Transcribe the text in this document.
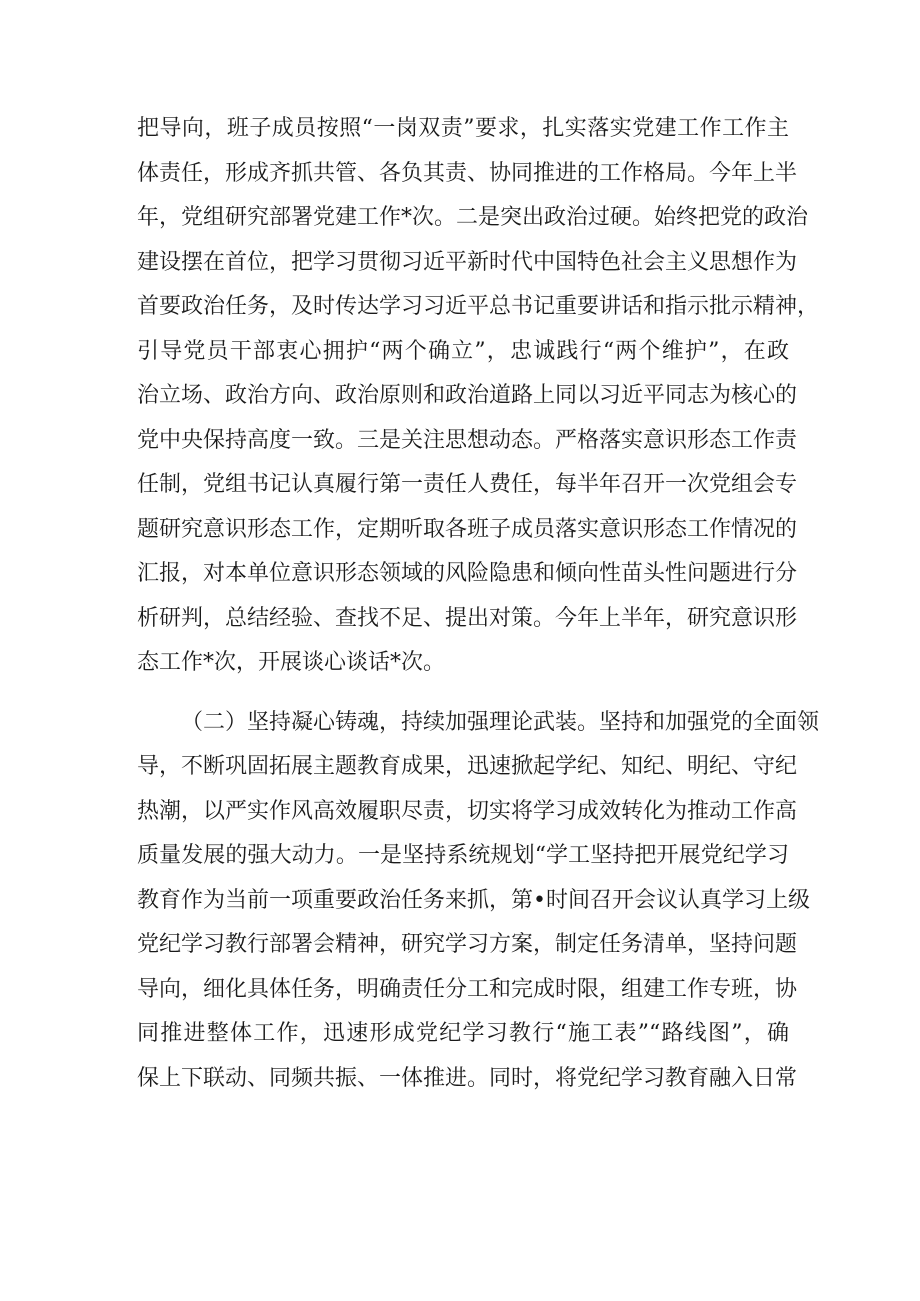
把导向，班子成员按照“一岗双责”要求，扎实落实党建工作工作主
体责任，形成齐抓共管、各负其责、协同推进的工作格局。今年上半
年，党组研究部署党建工作*次。二是突出政治过硬。始终把党的政治
建设摆在首位，把学习贯彻习近平新时代中国特色社会主义思想作为
首要政治任务，及时传达学习习近平总书记重要讲话和指示批示精神，
引导党员干部衷心拥护“两个确立”，忠诚践行“两个维护”，在政
治立场、政治方向、政治原则和政治道路上同以习近平同志为核心的
党中央保持高度一致。三是关注思想动态。严格落实意识形态工作责
任制，党组书记认真履行第一责任人费任，每半年召开一次党组会专
题研究意识形态工作，定期听取各班子成员落实意识形态工作情况的
汇报，对本单位意识形态领域的风险隐患和倾向性苗头性问题进行分
析研判，总结经验、查找不足、提出对策。今年上半年，研究意识形
态工作*次，开展谈心谈话*次。
（二）坚持凝心铸魂，持续加强理论武装。坚持和加强党的全面领
导，不断巩固拓展主题教育成果，迅速掀起学纪、知纪、明纪、守纪
热潮，以严实作风高效履职尽责，切实将学习成效转化为推动工作高
质量发展的强大动力。一是坚持系统规划“学工坚持把开展党纪学习
教育作为当前一项重要政治任务来抓，第•时间召开会议认真学习上级
党纪学习教行部署会精神，研究学习方案，制定任务清单，坚持问题
导向，细化具体任务，明确责任分工和完成时限，组建工作专班，协
同推进整体工作，迅速形成党纪学习教行“施工表”“路线图”，确
保上下联动、同频共振、一体推进。同时，将党纪学习教育融入日常
